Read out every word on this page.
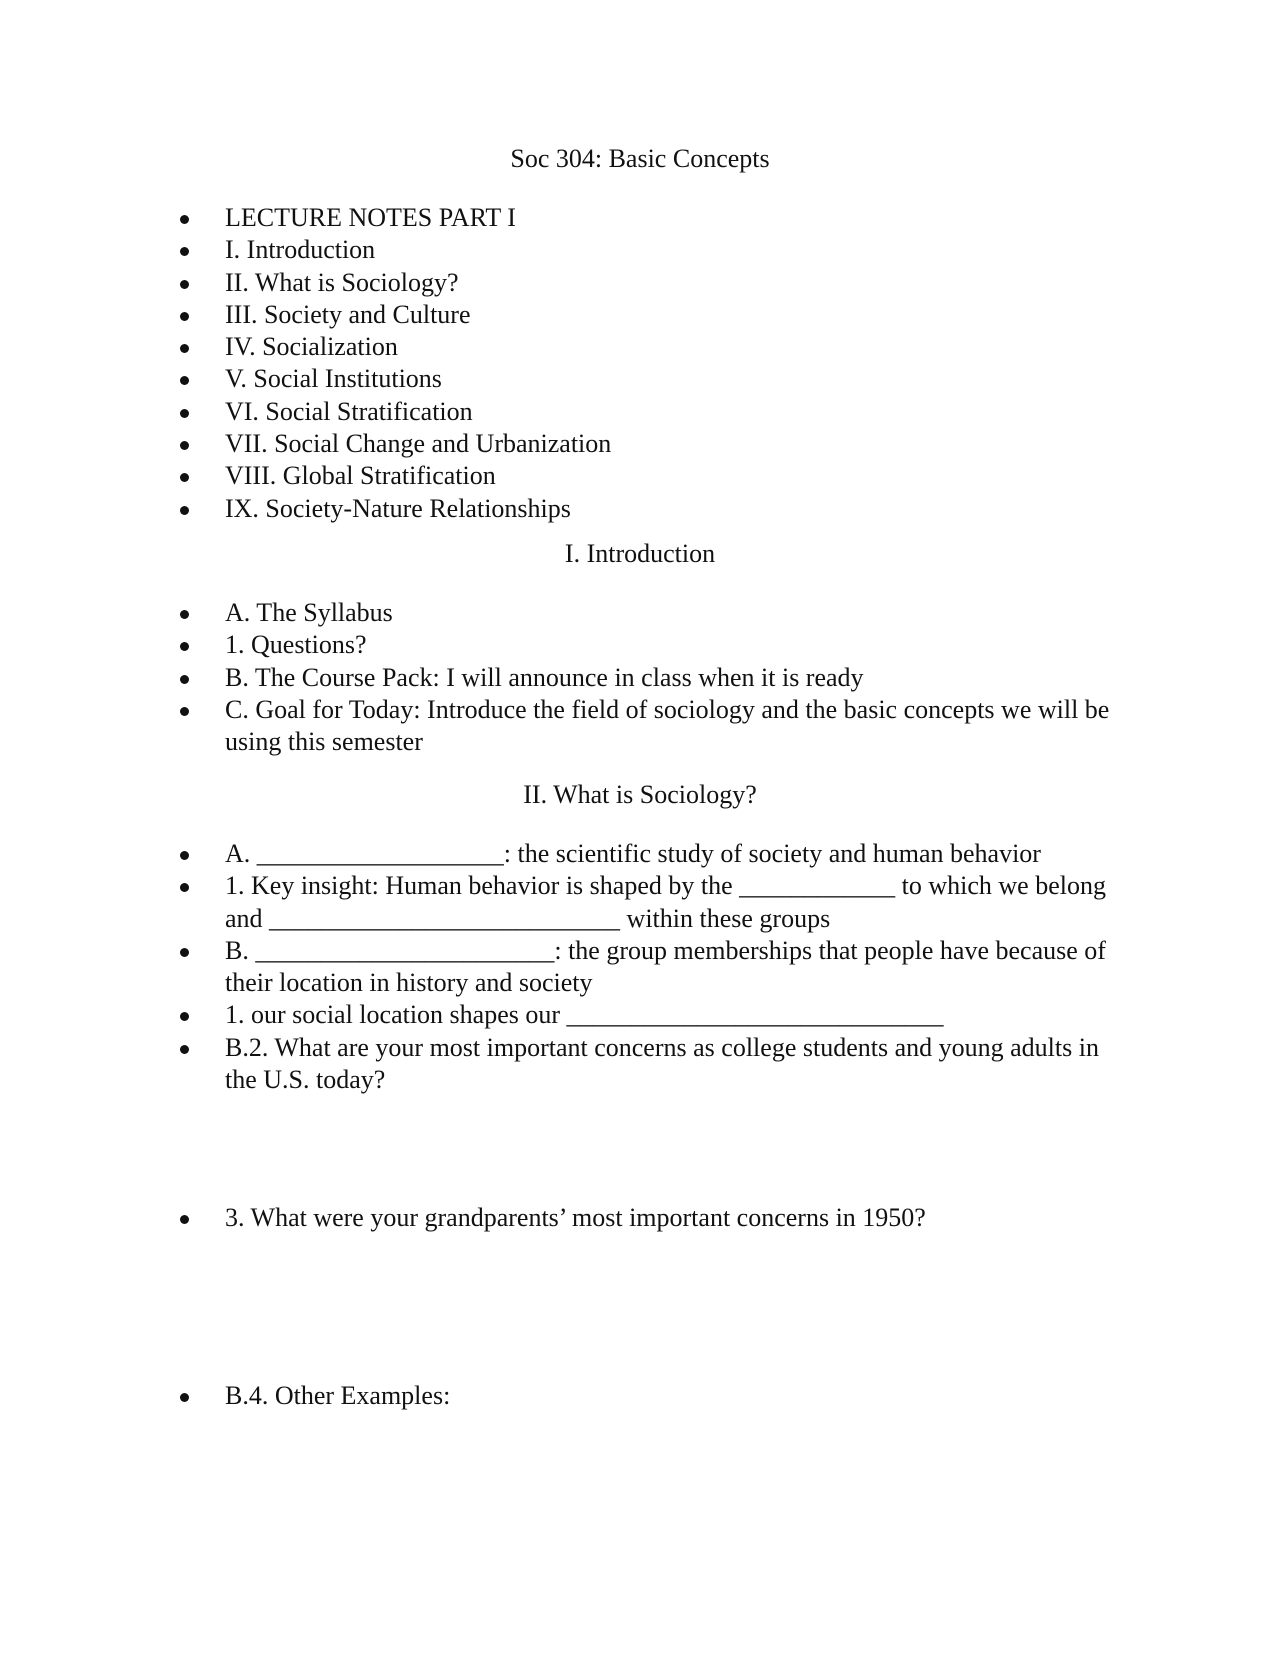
Soc 304: Basic Concepts
LECTURE NOTES PART I
I. Introduction
II. What is Sociology?
III. Society and Culture
IV. Socialization
V. Social Institutions
VI. Social Stratification
VII. Social Change and Urbanization
VIII. Global Stratification
IX. Society-Nature Relationships
I. Introduction
A. The Syllabus
1. Questions?
B. The Course Pack: I will announce in class when it is ready
C. Goal for Today: Introduce the field of sociology and the basic concepts we will be using this semester
II. What is Sociology?
A. ___________________: the scientific study of society and human behavior
1. Key insight: Human behavior is shaped by the ____________ to which we belong and ___________________________ within these groups
B. _______________________: the group memberships that people have because of their location in history and society
1. our social location shapes our _____________________________
B.2. What are your most important concerns as college students and young adults in the U.S. today?
3. What were your grandparents’ most important concerns in 1950?
B.4. Other Examples:
